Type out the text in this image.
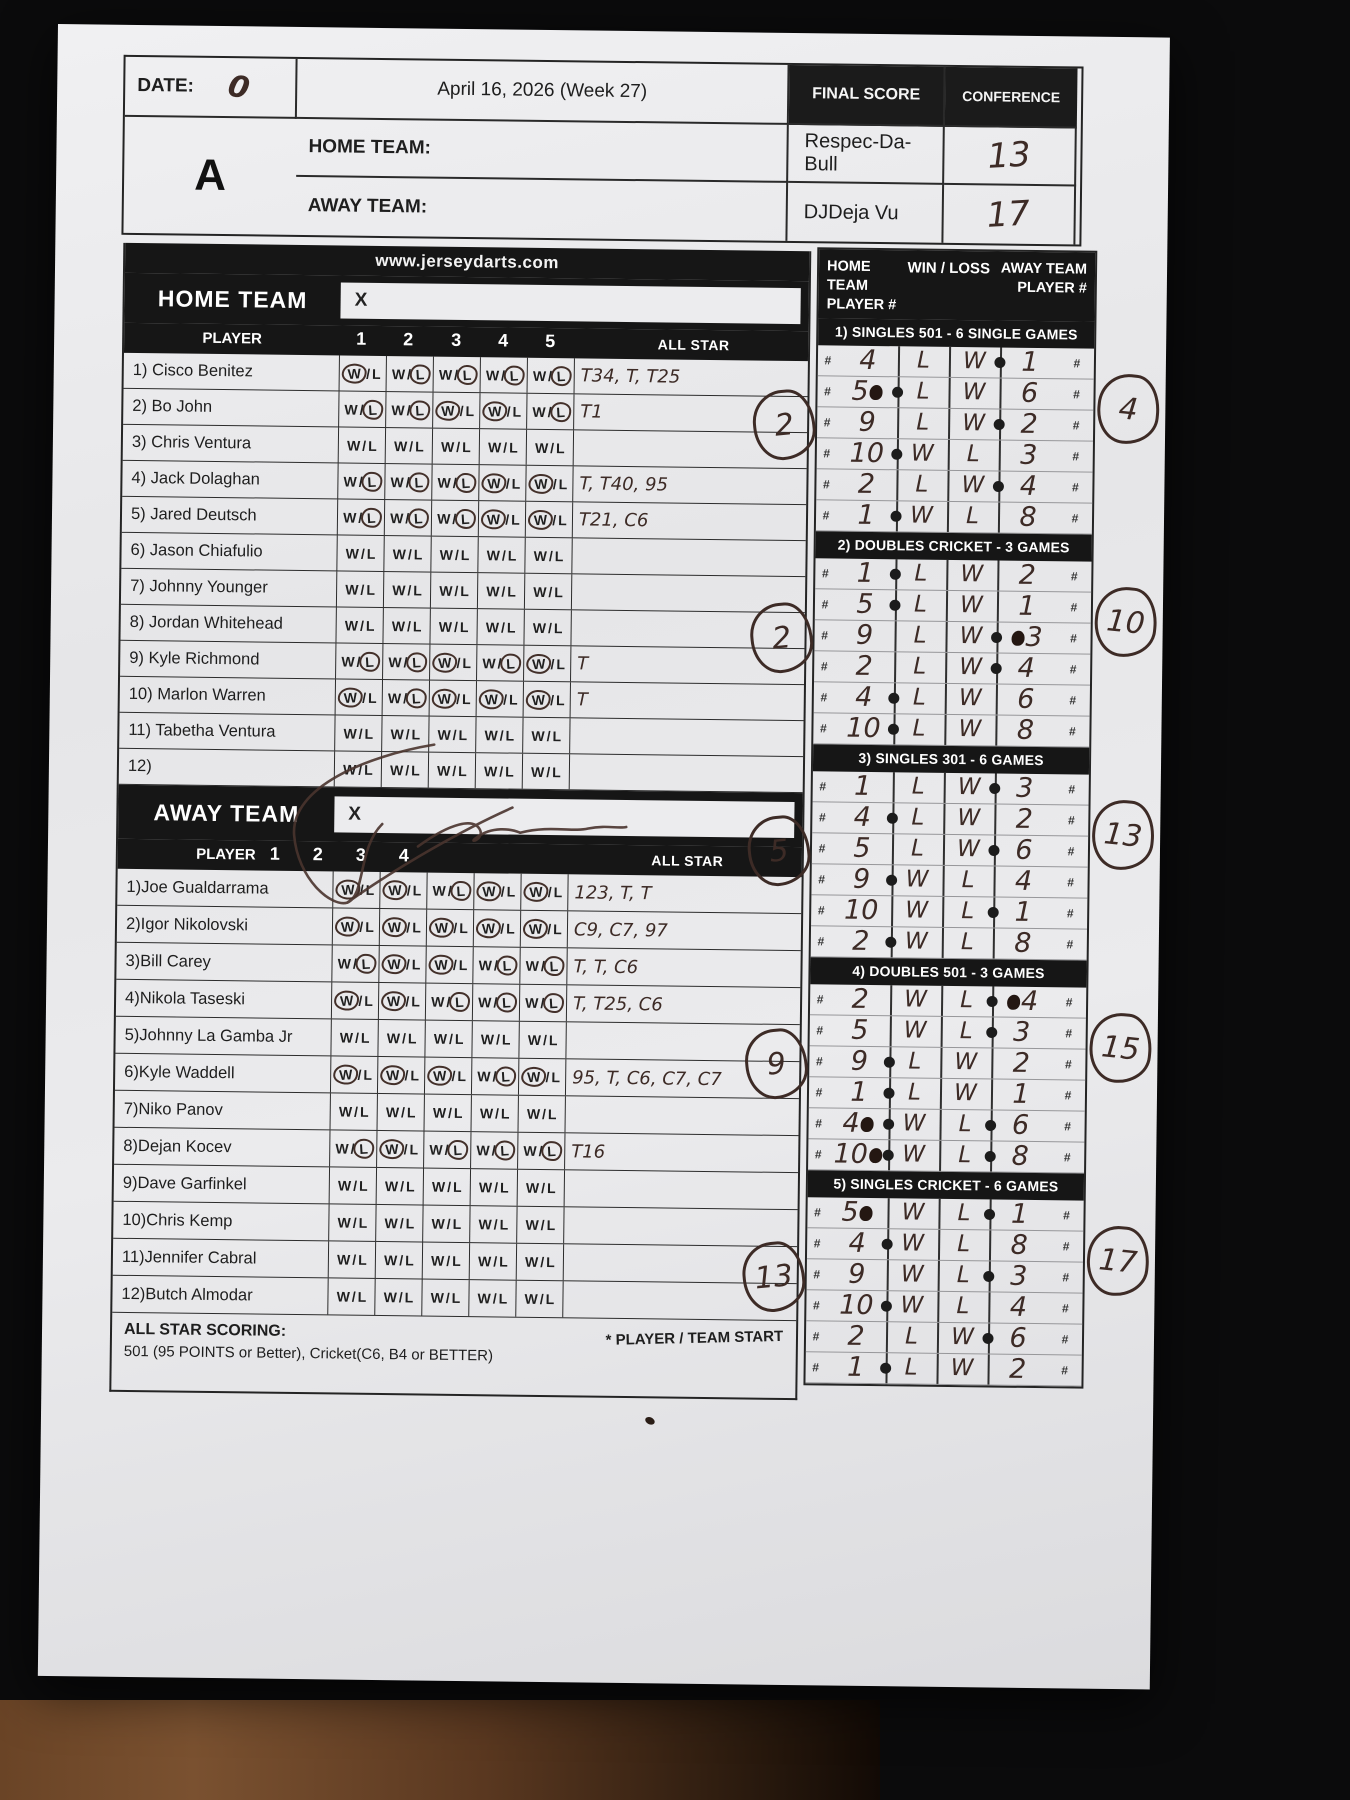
DATE: 0	April 16, 2026 (Week 27)	FINAL SCORE	CONFERENCE
HOME TEAM:	Respec-Da-Bull	13
A
AWAY TEAM:	DJDeja Vu	17
www.jerseydarts.com
HOME TEAM	X
PLAYER	1 2 3 4 5	ALL STAR
1) Cisco Benitez	W / L W / L W / L W / L W / L T34, T, T25
2) Bo John	W / L W / L	W / L W / L W / L T1
3) Chris Ventura	W / L W / L W / L W / L W / L
4) Jack Dolaghan	W / L W / L W / L	W / L W / L T, T40, 95
5) Jared Deutsch	W / L W / L W / L	W / L W / L T21, C6
6) Jason Chiafulio	W / L W / L W / L W / L W / L
7) Johnny Younger	W / L W / L W / L W / L W / L
8) Jordan Whitehead	W / L W / L W / L W / L W / L
9) Kyle Richmond	W / L W / L	W / L W / L	W / L T
10) Marlon Warren	W / L W / L	W / L W / L W / L T
11) Tabetha Ventura	W / L W / L W / L W / L W / L
12)	W / L W / L W / L W / L W / L
AWAY TEAM	X
PLAYER 1 2 3 4	ALL STAR
1)Joe Gualdarrama	W / L W / L W / L	W / L W / L 123, T, T
2)Igor Nikolovski	W / L W / L W / L W / L W / L C9, C7, 97
3)Bill Carey	W / L	W / L W / L W / L W / L T, T, C6
4)Nikola Taseski	W / L W / L W / L W / L W / L T, T25, C6
5)Johnny La Gamba Jr	W / L W / L W / L W / L W / L
6)Kyle Waddell	W / L W / L W / L W / L	W / L 95, T, C6, C7, C7
7)Niko Panov	W / L W / L W / L W / L W / L
8)Dejan Kocev	W / L	W / L W / L W / L W / L T16
9)Dave Garfinkel	W / L W / L W / L W / L W / L
10)Chris Kemp	W / L W / L W / L W / L W / L
11)Jennifer Cabral	W / L W / L W / L W / L W / L
12)Butch Almodar	W / L W / L W / L W / L W / L
ALL STAR SCORING:
501 (95 POINTS or Better), Cricket(C6, B4 or BETTER)
* PLAYER / TEAM START
HOME
TEAM
PLAYER #
WIN / LOSS AWAY TEAM
PLAYER #
1) SINGLES 501 - 6 SINGLE GAMES
#	4	L	W	1	#
# 5	L	W	6	#
#	9	L	W	2	#
# 10	W	L	3	#
#	2	L	W	4	#
#	1	W	L	8	#
2	4
2) DOUBLES CRICKET - 3 GAMES
#	1	L	W	2	#
#	5	L	W	1	#
#	9	L	W	3	#
#	2	L	W	4	#
#	4	L	W	6	#
# 10	L	W	8	#
2	10
3) SINGLES 301 - 6 GAMES
#	1	L	W	3	#
#	4	L	W	2	#
#	5	L	W	6	#
#	9	W	L	4	#
# 10	W	L	1	#
#	2	W	L	8	#
5	13
4) DOUBLES 501 - 3 GAMES
#	2	W	L	4	#
#	5	W	L	3	#
#	9	L	W	2	#
#	1	L	W	1	#
# 4	W	L	6	#
# 10	W	L	8	#
9	15
5) SINGLES CRICKET - 6 GAMES
# 5	W	L	1	#
#	4	W	L	8	#
#	9	W	L	3	#
# 10	W	L	4	#
#	2	L	W	6	#
#	1	L	W	2	#
13	17
